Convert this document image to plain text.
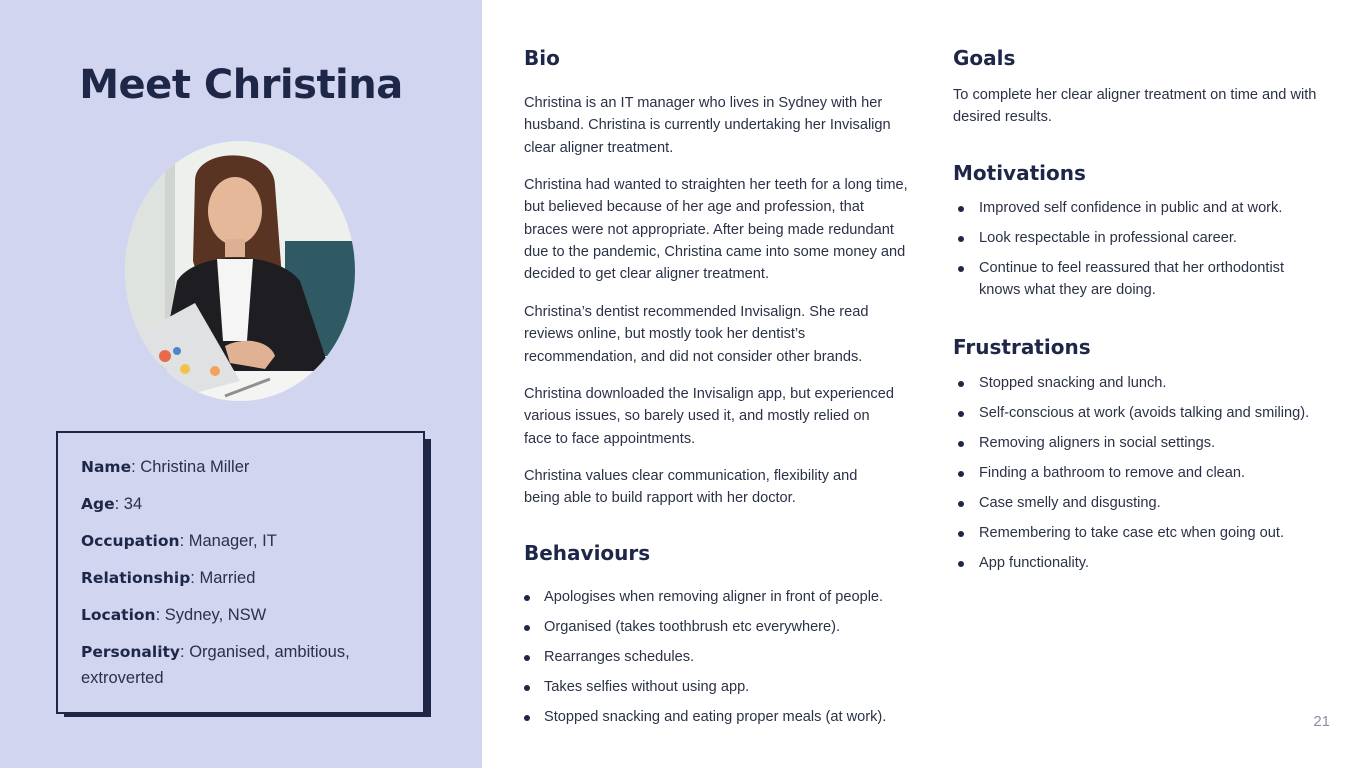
Meet Christina
Name: Christina Miller
Age: 34
Occupation: Manager, IT
Relationship: Married
Location: Sydney, NSW
Personality: Organised, ambitious, extroverted
Bio

Christina is an IT manager who lives in Sydney with her husband. Christina is currently undertaking her Invisalign clear aligner treatment.

Christina had wanted to straighten her teeth for a long time, but believed because of her age and profession, that braces were not appropriate. After being made redundant due to the pandemic, Christina came into some money and decided to get clear aligner treatment.

Christina’s dentist recommended Invisalign. She read reviews online, but mostly took her dentist’s recommendation, and did not consider other brands.

Christina downloaded the Invisalign app, but experienced various issues, so barely used it, and mostly relied on face to face appointments.

Christina values clear communication, flexibility and being able to build rapport with her doctor.

Behaviours
Apologises when removing aligner in front of people.
Organised (takes toothbrush etc everywhere).
Rearranges schedules.
Takes selfies without using app.
Stopped snacking and eating proper meals (at work).
Goals

To complete her clear aligner treatment on time and with desired results.

Motivations
Improved self confidence in public and at work.
Look respectable in professional career.
Continue to feel reassured that her orthodontist knows what they are doing.
Frustrations
Stopped snacking and lunch.
Self-conscious at work (avoids talking and smiling).
Removing aligners in social settings.
Finding a bathroom to remove and clean.
Case smelly and disgusting.
Remembering to take case etc when going out.
App functionality.
21
